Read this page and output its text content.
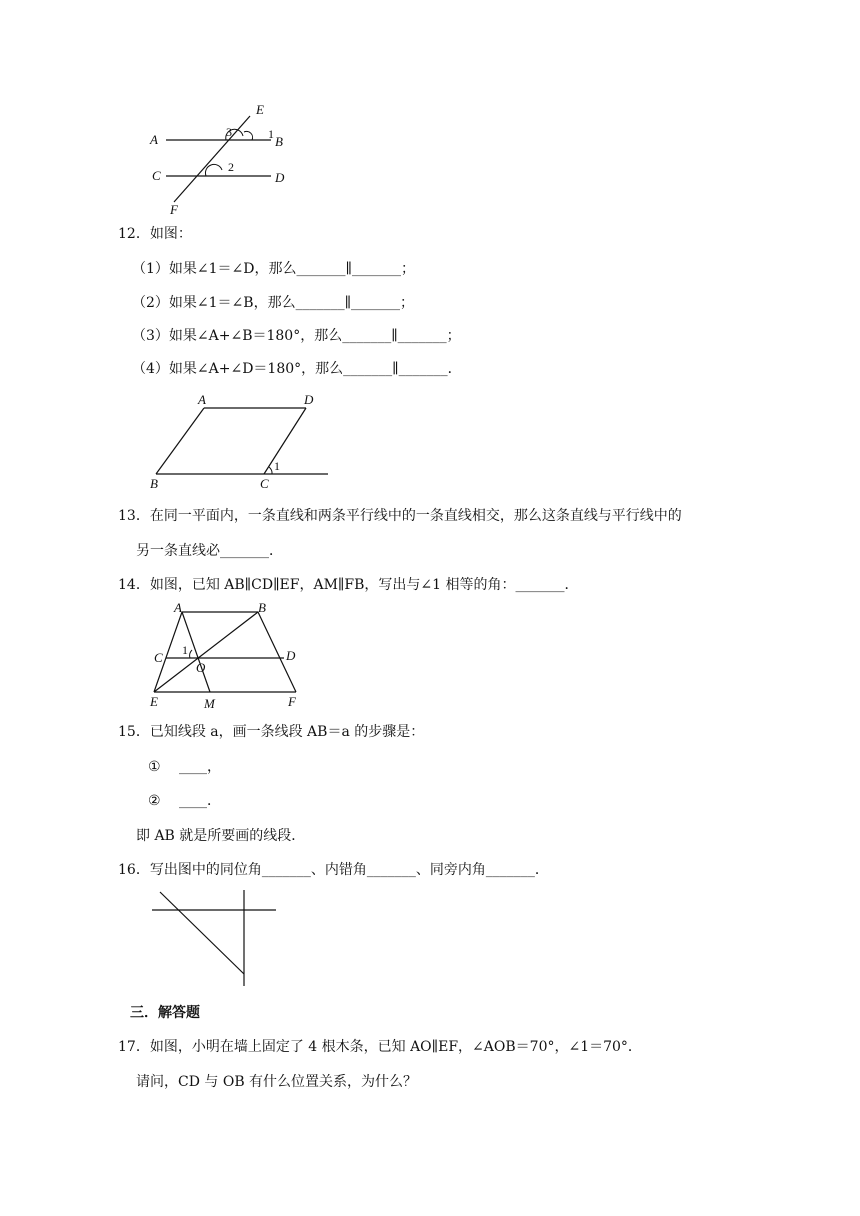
A	B
C	D
E
F
1
2
3
12．如图：
（1）如果∠1＝∠D，那么_______∥_______；
（2）如果∠1＝∠B，那么_______∥_______；
（3）如果∠A+∠B＝180°，那么_______∥_______；
（4）如果∠A+∠D＝180°，那么_______∥_______．
A	D
B	C
1
13．在同一平面内，一条直线和两条平行线中的一条直线相交，那么这条直线与平行线中的
另一条直线必_______．
14．如图，已知 AB∥CD∥EF，AM∥FB，写出与∠1 相等的角：_______．
A	B
C	D
E	M	F
O
1
15．已知线段 a，画一条线段 AB＝a 的步骤是：
①　 ____，
②　 ____．
即 AB 就是所要画的线段．
16．写出图中的同位角_______、内错角_______、同旁内角_______．
三．解答题
17．如图，小明在墙上固定了 4 根木条，已知 AO∥EF，∠AOB＝70°，∠1＝70°．
请问，CD 与 OB 有什么位置关系，为什么？
